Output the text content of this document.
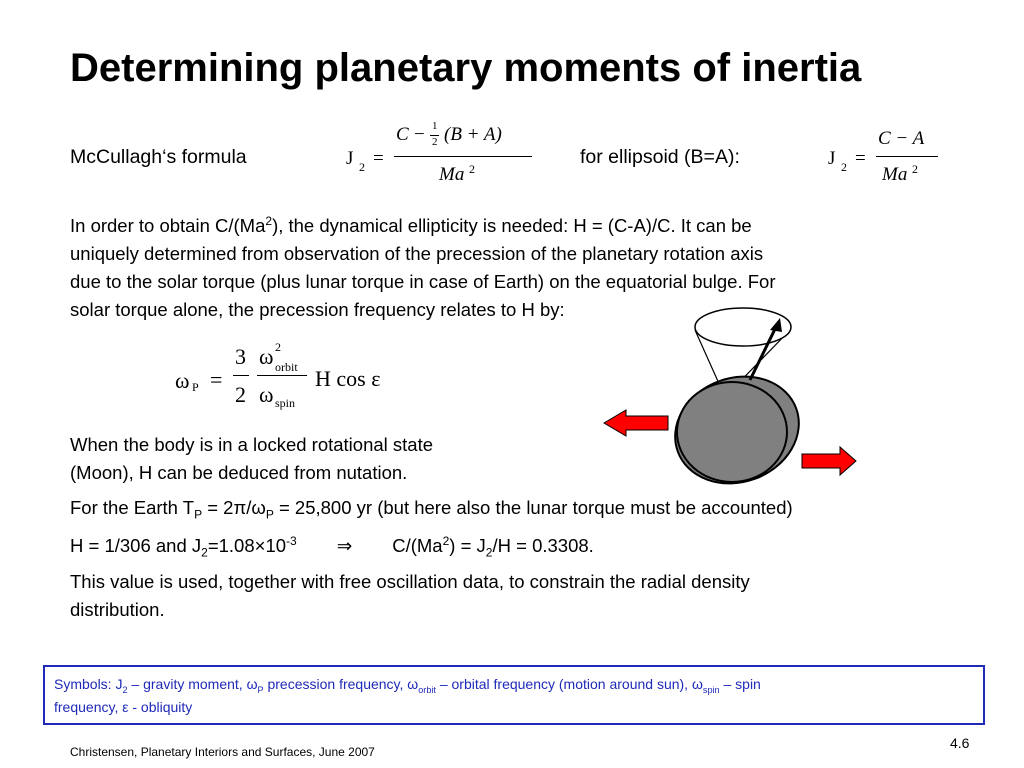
Determining planetary moments of inertia
McCullagh‘s formula	J 2 =
C − 1
2 (B + A)
Ma 2
for ellipsoid (B=A):	J 2 =
C − A
Ma 2
In order to obtain C/(Ma$^2$), the dynamical ellipticity is needed: H = (C-A)/C. It can be
uniquely determined from observation of the precession of the planetary rotation axis
due to the solar torque (plus lunar torque in case of Earth) on the equatorial bulge. For
solar torque alone, the precession frequency relates to H by:
ω P =
3
2
ω 2
orbit
ω spin
H cos ε
When the body is in a locked rotational state
(Moon), H can be deduced from nutation.
For the Earth $T_P = 2\pi/\omega_P = 25,800$ yr (but here also the lunar torque must be accounted)
H = 1/306 and $J_2=1.08\times 10^{-3}$ ⇒ $C/(Ma^2) = J_2/H = 0.3308$.
This value is used, together with free oscillation data, to constrain the radial density
distribution.
Symbols: $J_2$ – gravity moment, $\omega_P$ precession frequency, $\omega_{orbit}$ – orbital frequency (motion around sun), $\omega_{spin}$ – spin
frequency, ε - obliquity
4.6
Christensen, Planetary Interiors and Surfaces, June 2007
